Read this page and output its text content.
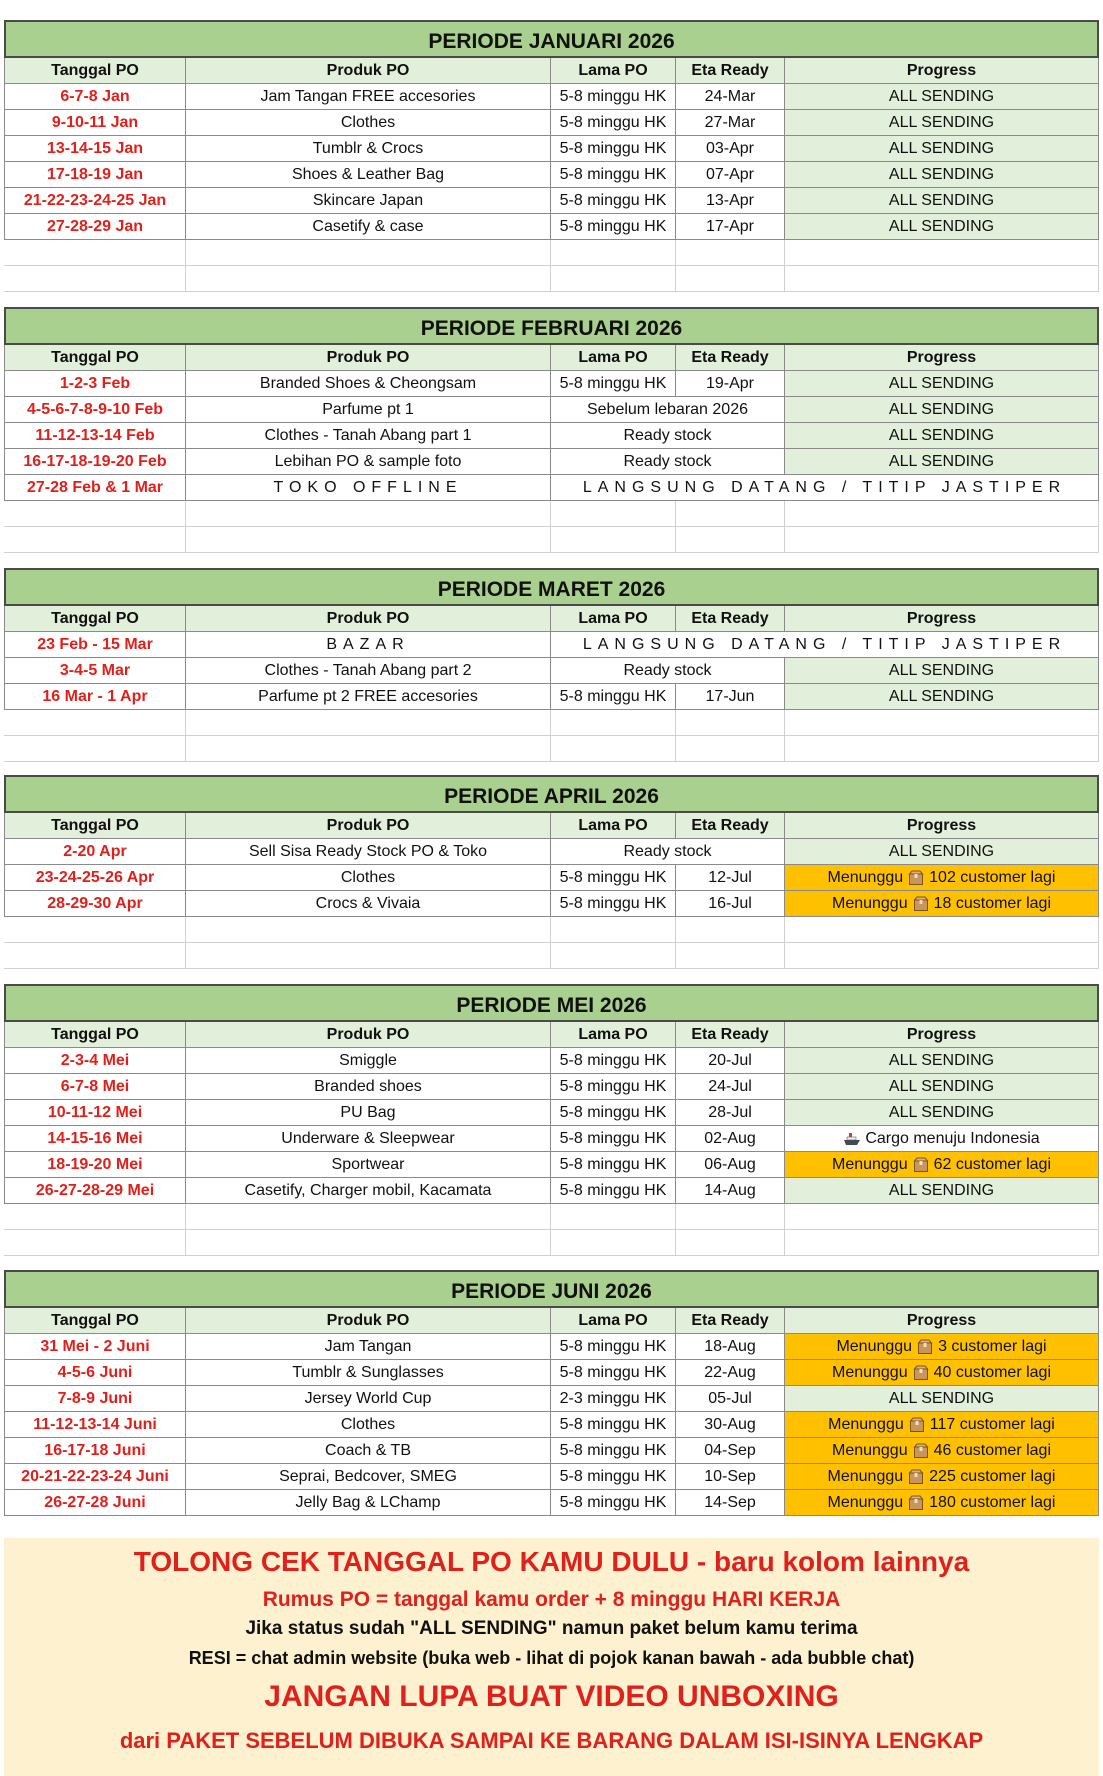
PERIODE JANUARI 2026
Tanggal PO	Produk PO	Lama PO	Eta Ready	Progress
6-7-8 Jan	Jam Tangan FREE accesories	5-8 minggu HK	24-Mar	ALL SENDING
9-10-11 Jan	Clothes	5-8 minggu HK	27-Mar	ALL SENDING
13-14-15 Jan	Tumblr & Crocs	5-8 minggu HK	03-Apr	ALL SENDING
17-18-19 Jan	Shoes & Leather Bag	5-8 minggu HK	07-Apr	ALL SENDING
21-22-23-24-25 Jan	Skincare Japan	5-8 minggu HK	13-Apr	ALL SENDING
27-28-29 Jan	Casetify & case	5-8 minggu HK	17-Apr	ALL SENDING
PERIODE FEBRUARI 2026
Tanggal PO	Produk PO	Lama PO	Eta Ready	Progress
1-2-3 Feb	Branded Shoes & Cheongsam	5-8 minggu HK	19-Apr	ALL SENDING
4-5-6-7-8-9-10 Feb	Parfume pt 1	Sebelum lebaran 2026	ALL SENDING
11-12-13-14 Feb	Clothes - Tanah Abang part 1	Ready stock	ALL SENDING
16-17-18-19-20 Feb	Lebihan PO & sample foto	Ready stock	ALL SENDING
27-28 Feb & 1 Mar	TOKO OFFLINE	LANGSUNG DATANG / TITIP JASTIPER
PERIODE MARET 2026
Tanggal PO	Produk PO	Lama PO	Eta Ready	Progress
23 Feb - 15 Mar	BAZAR	LANGSUNG DATANG / TITIP JASTIPER
3-4-5 Mar	Clothes - Tanah Abang part 2	Ready stock	ALL SENDING
16 Mar - 1 Apr	Parfume pt 2 FREE accesories	5-8 minggu HK	17-Jun	ALL SENDING
PERIODE APRIL 2026
Tanggal PO	Produk PO	Lama PO	Eta Ready	Progress
2-20 Apr	Sell Sisa Ready Stock PO & Toko	Ready stock	ALL SENDING
23-24-25-26 Apr	Clothes	5-8 minggu HK	12-Jul	Menunggu 102 customer lagi
28-29-30 Apr	Crocs & Vivaia	5-8 minggu HK	16-Jul	Menunggu 18 customer lagi
PERIODE MEI 2026
Tanggal PO	Produk PO	Lama PO	Eta Ready	Progress
2-3-4 Mei	Smiggle	5-8 minggu HK	20-Jul	ALL SENDING
6-7-8 Mei	Branded shoes	5-8 minggu HK	24-Jul	ALL SENDING
10-11-12 Mei	PU Bag	5-8 minggu HK	28-Jul	ALL SENDING
14-15-16 Mei	Underware & Sleepwear	5-8 minggu HK	02-Aug	Cargo menuju Indonesia
18-19-20 Mei	Sportwear	5-8 minggu HK	06-Aug	Menunggu 62 customer lagi
26-27-28-29 Mei	Casetify, Charger mobil, Kacamata	5-8 minggu HK	14-Aug	ALL SENDING
PERIODE JUNI 2026
Tanggal PO	Produk PO	Lama PO	Eta Ready	Progress
31 Mei - 2 Juni	Jam Tangan	5-8 minggu HK	18-Aug	Menunggu 3 customer lagi
4-5-6 Juni	Tumblr & Sunglasses	5-8 minggu HK	22-Aug	Menunggu 40 customer lagi
7-8-9 Juni	Jersey World Cup	2-3 minggu HK	05-Jul	ALL SENDING
11-12-13-14 Juni	Clothes	5-8 minggu HK	30-Aug	Menunggu 117 customer lagi
16-17-18 Juni	Coach & TB	5-8 minggu HK	04-Sep	Menunggu 46 customer lagi
20-21-22-23-24 Juni	Seprai, Bedcover, SMEG	5-8 minggu HK	10-Sep	Menunggu 225 customer lagi
26-27-28 Juni	Jelly Bag & LChamp	5-8 minggu HK	14-Sep	Menunggu 180 customer lagi
TOLONG CEK TANGGAL PO KAMU DULU - baru kolom lainnya
Rumus PO = tanggal kamu order + 8 minggu HARI KERJA
Jika status sudah "ALL SENDING" namun paket belum kamu terima
RESI = chat admin website (buka web - lihat di pojok kanan bawah - ada bubble chat)
JANGAN LUPA BUAT VIDEO UNBOXING
dari PAKET SEBELUM DIBUKA SAMPAI KE BARANG DALAM ISI-ISINYA LENGKAP
